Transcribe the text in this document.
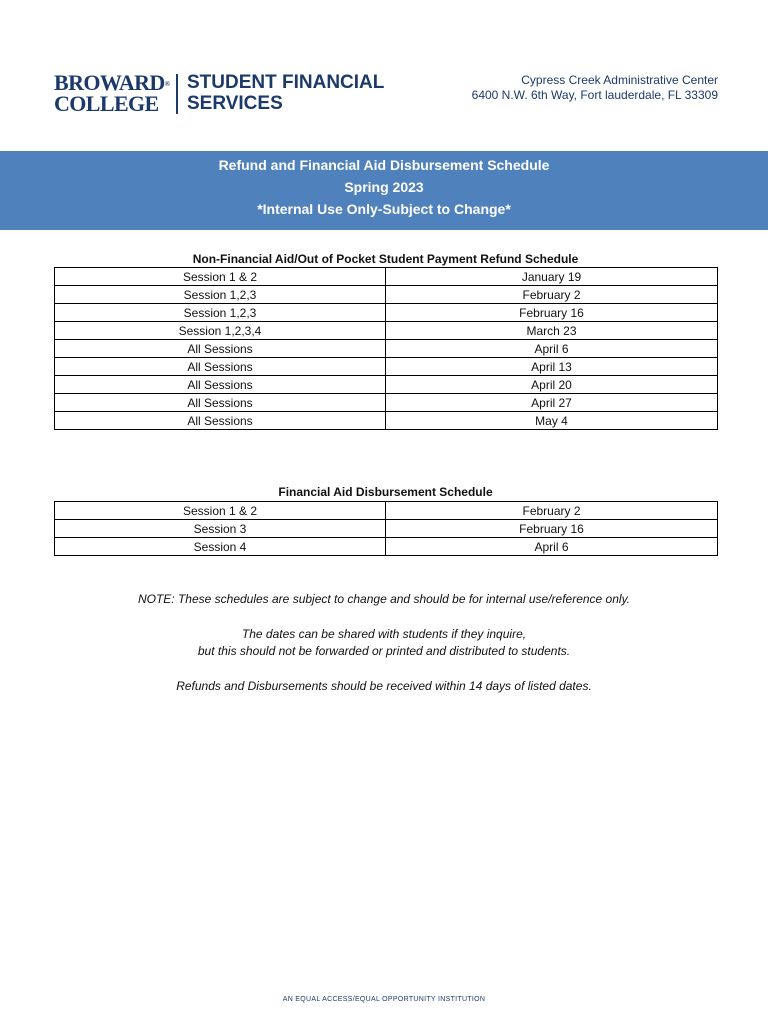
BROWARD®
COLLEGE
STUDENT FINANCIAL
SERVICES
Cypress Creek Administrative Center
6400 N.W. 6th Way, Fort lauderdale, FL 33309
Refund and Financial Aid Disbursement Schedule
Spring 2023
*Internal Use Only-Subject to Change*
Non-Financial Aid/Out of Pocket Student Payment Refund Schedule
Session 1 & 2	January 19
Session 1,2,3	February 2
Session 1,2,3	February 16
Session 1,2,3,4	March 23
All Sessions	April 6
All Sessions	April 13
All Sessions	April 20
All Sessions	April 27
All Sessions	May 4
Financial Aid Disbursement Schedule
Session 1 & 2	February 2
Session 3	February 16
Session 4	April 6
NOTE: These schedules are subject to change and should be for internal use/reference only.
The dates can be shared with students if they inquire,
but this should not be forwarded or printed and distributed to students.
Refunds and Disbursements should be received within 14 days of listed dates.
AN EQUAL ACCESS/EQUAL OPPORTUNITY INSTITUTION
